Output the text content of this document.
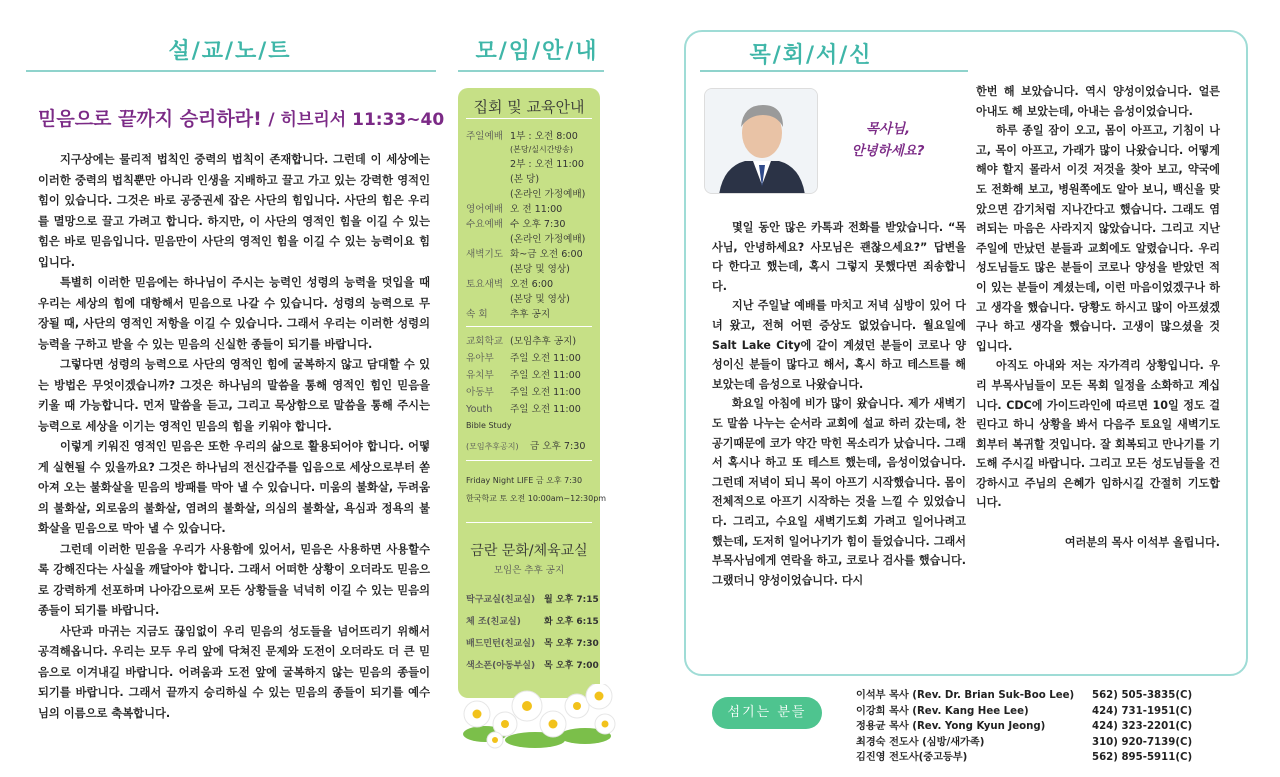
설/교/노/트
믿음으로 끝까지 승리하라! / 히브리서 11:33~40

지구상에는 물리적 법칙인 중력의 법칙이 존재합니다. 그런데 이 세상에는 이러한 중력의 법칙뿐만 아니라 인생을 지배하고 끌고 가고 있는 강력한 영적인 힘이 있습니다. 그것은 바로 공중권세 잡은 사단의 힘입니다. 사단의 힘은 우리를 멸망으로 끌고 가려고 합니다. 하지만, 이 사단의 영적인 힘을 이길 수 있는 힘은 바로 믿음입니다. 믿음만이 사단의 영적인 힘을 이길 수 있는 능력이요 힘입니다.

특별히 이러한 믿음에는 하나님이 주시는 능력인 성령의 능력을 덧입을 때 우리는 세상의 힘에 대항해서 믿음으로 나갈 수 있습니다. 성령의 능력으로 무장될 때, 사단의 영적인 저항을 이길 수 있습니다. 그래서 우리는 이러한 성령의 능력을 구하고 받을 수 있는 믿음의 신실한 종들이 되기를 바랍니다.

그렇다면 성령의 능력으로 사단의 영적인 힘에 굴복하지 않고 담대할 수 있는 방법은 무엇이겠습니까? 그것은 하나님의 말씀을 통해 영적인 힘인 믿음을 키울 때 가능합니다. 먼저 말씀을 듣고, 그리고 묵상함으로 말씀을 통해 주시는 능력으로 세상을 이기는 영적인 믿음의 힘을 키워야 합니다.

이렇게 키워진 영적인 믿음은 또한 우리의 삶으로 활용되어야 합니다. 어떻게 실현될 수 있을까요? 그것은 하나님의 전신갑주를 입음으로 세상으로부터 쏟아져 오는 불화살을 믿음의 방패를 막아 낼 수 있습니다. 미움의 불화살, 두려움의 불화살, 외로움의 불화살, 염려의 불화살, 의심의 불화살, 욕심과 정욕의 불화살을 믿음으로 막아 낼 수 있습니다.

그런데 이러한 믿음을 우리가 사용함에 있어서, 믿음은 사용하면 사용할수록 강해진다는 사실을 깨달아야 합니다. 그래서 어떠한 상황이 오더라도 믿음으로 강력하게 선포하며 나아감으로써 모든 상황들을 넉넉히 이길 수 있는 믿음의 종들이 되기를 바랍니다.

사단과 마귀는 지금도 끊임없이 우리 믿음의 성도들을 넘어뜨리기 위해서 공격해옵니다. 우리는 모두 우리 앞에 닥쳐진 문제와 도전이 오더라도 더 큰 믿음으로 이겨내길 바랍니다. 어려움과 도전 앞에 굴복하지 않는 믿음의 종들이 되기를 바랍니다. 그래서 끝까지 승리하실 수 있는 믿음의 종들이 되기를 예수님의 이름으로 축복합니다.

모/임/안/내
집회 및 교육안내
주일예배 1부 : 오전 8:00
(본당/실시간방송)
2부 : 오전 11:00
(본 당)
(온라인 가정예배)
영어예배 오 전 11:00
수요예배 수 오후 7:30
(온라인 가정예배)
새벽기도 화~금 오전 6:00
(본당 및 영상)
토요새벽 오전 6:00
(본당 및 영상)
속 회 추후 공지
교회학교 (모임추후 공지)
유아부 주일 오전 11:00
유치부 주일 오전 11:00
아동부 주일 오전 11:00
Youth 주일 오전 11:00
Bible Study
(모임추후공지) 금 오후 7:30
Friday Night LIFE 금 오후 7:30
한국학교 토 오전 10:00am~12:30pm
금란 문화/체육교실
모임은 추후 공지
탁구교실(친교실) 월 오후 7:15
체 조(친교실)	화 오후 6:15
배드민턴(친교실) 목 오후 7:30
색소폰(아동부실) 목 오후 7:00
목/회/서/신
목사님,
안녕하세요?

몇일 동안 많은 카톡과 전화를 받았습니다. “목사님, 안녕하세요? 사모님은 괜찮으세요?” 답변을 다 한다고 했는데, 혹시 그렇지 못했다면 죄송합니다.

지난 주일날 예배를 마치고 저녁 심방이 있어 다녀 왔고, 전혀 어떤 증상도 없었습니다. 월요일에 Salt Lake City에 같이 계셨던 분들이 코로나 양성이신 분들이 많다고 해서, 혹시 하고 테스트를 해 보았는데 음성으로 나왔습니다.

화요일 아침에 비가 많이 왔습니다. 제가 새벽기도 말씀 나누는 순서라 교회에 설교 하러 갔는데, 찬공기때문에 코가 약간 막힌 목소리가 났습니다. 그래서 혹시나 하고 또 테스트 했는데, 음성이었습니다. 그런데 저녁이 되니 목이 아프기 시작했습니다. 몸이 전체적으로 아프기 시작하는 것을 느낄 수 있었습니다. 그리고, 수요일 새벽기도회 가려고 일어나려고 했는데, 도저히 일어나기가 힘이 들었습니다. 그래서 부목사님에게 연락을 하고, 코로나 검사를 했습니다. 그랬더니 양성이었습니다. 다시

한번 해 보았습니다. 역시 양성이었습니다. 얼른 아내도 해 보았는데, 아내는 음성이었습니다.

하루 종일 잠이 오고, 몸이 아프고, 기침이 나고, 목이 아프고, 가래가 많이 나왔습니다. 어떻게 해야 할지 몰라서 이것 저것을 찾아 보고, 약국에도 전화해 보고, 병원쪽에도 알아 보니, 백신을 맞았으면 감기처럼 지나간다고 했습니다. 그래도 염려되는 마음은 사라지지 않았습니다. 그리고 지난 주일에 만났던 분들과 교회에도 알렸습니다. 우리 성도님들도 많은 분들이 코로나 양성을 받았던 적이 있는 분들이 계셨는데, 이런 마음이었겠구나 하고 생각을 했습니다. 당황도 하시고 많이 아프셨겠구나 하고 생각을 했습니다. 고생이 많으셨을 것 입니다.

아직도 아내와 저는 자가격리 상황입니다. 우리 부목사님들이 모든 목회 일정을 소화하고 계십니다. CDC에 가이드라인에 따르면 10일 정도 걸린다고 하니 상황을 봐서 다음주 토요일 새벽기도회부터 복귀할 것입니다. 잘 회복되고 만나기를 기도해 주시길 바랍니다. 그리고 모든 성도님들을 건강하시고 주님의 은혜가 임하시길 간절히 기도합니다.

여러분의 목사 이석부 올립니다.

섬기는 분들
이석부 목사 (Rev. Dr. Brian Suk-Boo Lee) 562) 505-3835(C)
이강희 목사 (Rev. Kang Hee Lee)	424) 731-1951(C)
정용균 목사 (Rev. Yong Kyun Jeong)	424) 323-2201(C)
최경숙 전도사 (심방/새가족)	310) 920-7139(C)
김진영 전도사(중고등부)	562) 895-5911(C)
